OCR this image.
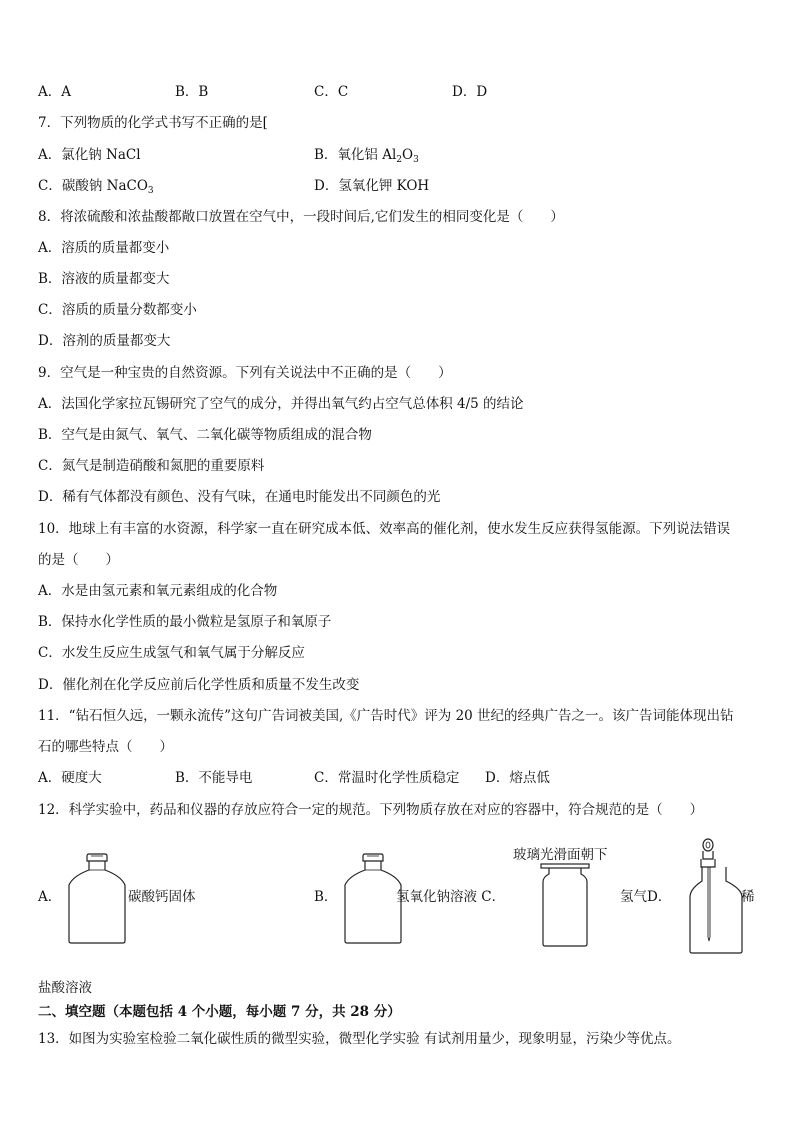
A．A	B．B	C．C	D．D
7．下列物质的化学式书写不正确的是[
A．氯化钠 NaCl	B．氧化铝 $Al_2O_3$
C．碳酸钠 NaCO$_3$	D．氢氧化钾 KOH
8．将浓硫酸和浓盐酸都敞口放置在空气中，一段时间后,它们发生的相同变化是（　　）
A．溶质的质量都变小
B．溶液的质量都变大
C．溶质的质量分数都变小
D．溶剂的质量都变大
9．空气是一种宝贵的自然资源。下列有关说法中不正确的是（　　）
A．法国化学家拉瓦锡研究了空气的成分，并得出氧气约占空气总体积 4/5 的结论
B．空气是由氮气、氧气、二氧化碳等物质组成的混合物
C．氮气是制造硝酸和氮肥的重要原料
D．稀有气体都没有颜色、没有气味，在通电时能发出不同颜色的光
10．地球上有丰富的水资源，科学家一直在研究成本低、效率高的催化剂，使水发生反应获得氢能源。下列说法错误
的是（　　）
A．水是由氢元素和氧元素组成的化合物
B．保持水化学性质的最小微粒是氢原子和氧原子
C．水发生反应生成氢气和氧气属于分解反应
D．催化剂在化学反应前后化学性质和质量不发生改变
11．“钻石恒久远，一颗永流传”这句广告词被美国,《广告时代》评为 20 世纪的经典广告之一。该广告词能体现出钻
石的哪些特点（　　）
A．硬度大	B．不能导电	C．常温时化学性质稳定 D．熔点低
12．科学实验中，药品和仪器的存放应符合一定的规范。下列物质存放在对应的容器中，符合规范的是（　　）
A．	碳酸钙固体	B．	氢氧化钠溶液 C．
玻璃光滑面朝下
氢气D．	稀
盐酸溶液
二、填空题（本题包括 4 个小题，每小题 7 分，共 28 分）
13．如图为实验室检验二氧化碳性质的微型实验，微型化学实验 有试剂用量少，现象明显，污染少等优点。
